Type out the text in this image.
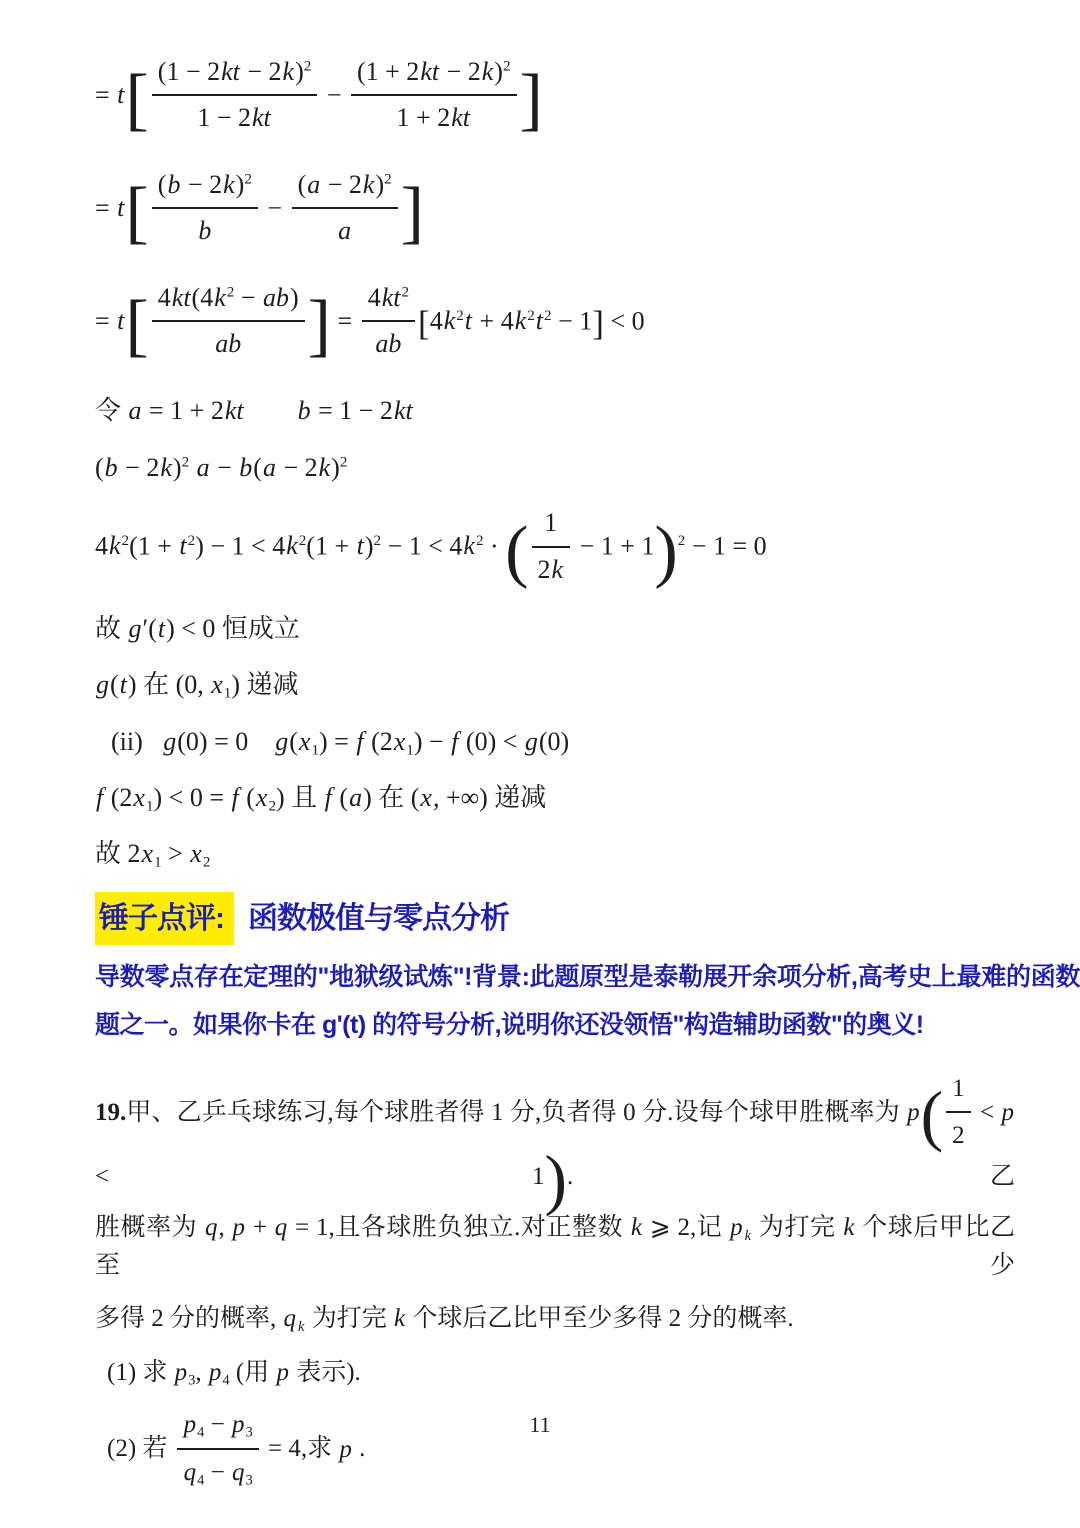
= $t[ \frac{(1 - 2kt - 2k)^2}{1 - 2kt} - \frac{(1 + 2kt - 2k)^2}{1 + 2kt}$ ]
= $t[ \frac{(b - 2k)^2}{b} - \frac{(a - 2k)^2}{a}$ ]
= $t[ \frac{4kt(4k^2 - ab)}{ab}$ ] = $\frac{4kt^2}{ab} [4k^2t + 4k^2t^2 - 1] < 0$
令 a = 1 + 2kt   b = 1 − 2kt
$(b - 2k)^2$ $a - b(a - 2k)^2$
$4k^2(1 + t^2) - 1 < 4k^2(1 + t)^2 - 1 < 4k^2$ · ( $\frac{1}{2k} - 1 + 1)^2 - 1 = 0$
故 g′(t) < 0 恒成立
g(t) 在 (0, $x_1$) 递减
(ii)  g(0) = 0 $g(x_1) = f$ $(2x_1) - f$ (0) < g(0)
f $(2x_1) < 0 = f$ $(x_2)$ 且 f (a) 在 (x, +∞) 递减
故 $2x_1 > x_2$
锤子点评: 函数极值与零点分析

导数零点存在定理的"地狱级试炼"!背景:此题原型是泰勒展开余项分析,高考史上最难的函数题之一。如果你卡在 g'(t) 的符号分析,说明你还没领悟"构造辅助函数"的奥义!

19.甲、乙乒乓球练习,每个球胜者得 1 分,负者得 0 分.设每个球甲胜概率为 $p( \frac{1}{2} < p < 1)$.乙
胜概率为 q, p + q = 1,且各球胜负独立.对正整数 k ⩾ 2,记 p $_k$ 为打完 k 个球后甲比乙至少
多得 2 分的概率, q $_k$ 为打完 k 个球后乙比甲至少多得 2 分的概率.
(1) 求 $p_3$, $p_4$ (用 p 表示).
(2) 若 $\frac{p_4 - p_3}{q_4 - q_3} = 4$,求 p .
11
